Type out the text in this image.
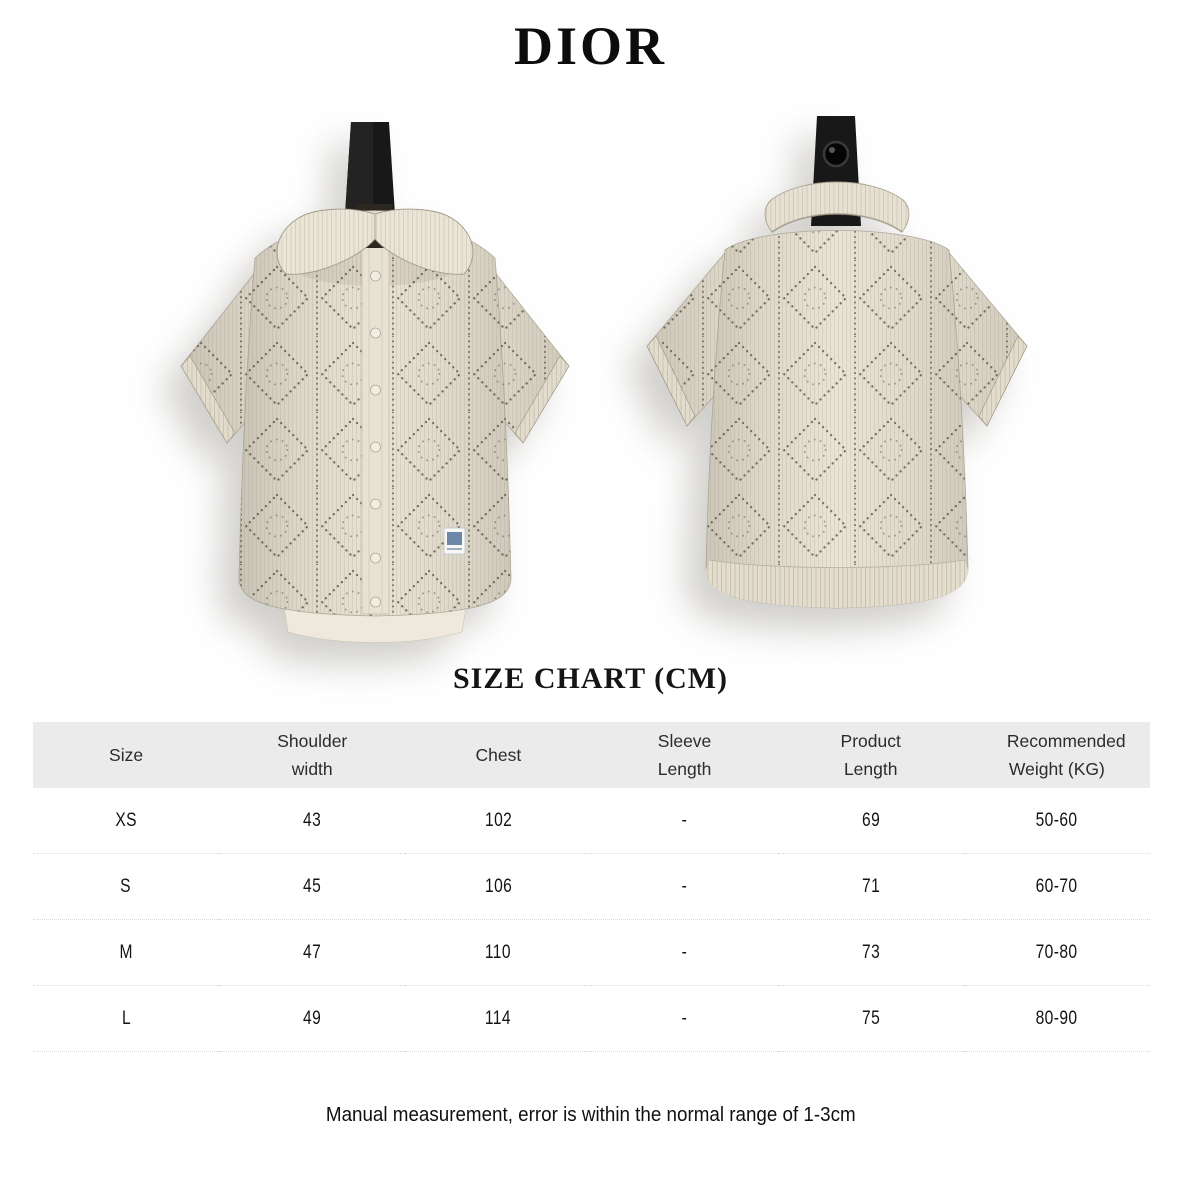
DIOR
SIZE CHART (CM)
Size	Shoulder width	Chest	Sleeve Length	Product Length	Recommended Weight (KG)
XS	43	102	-	69	50-60
S	45	106	-	71	60-70
M	47	110	-	73	70-80
L	49	114	-	75	80-90

Manual measurement, error is within the normal range of 1-3cm
